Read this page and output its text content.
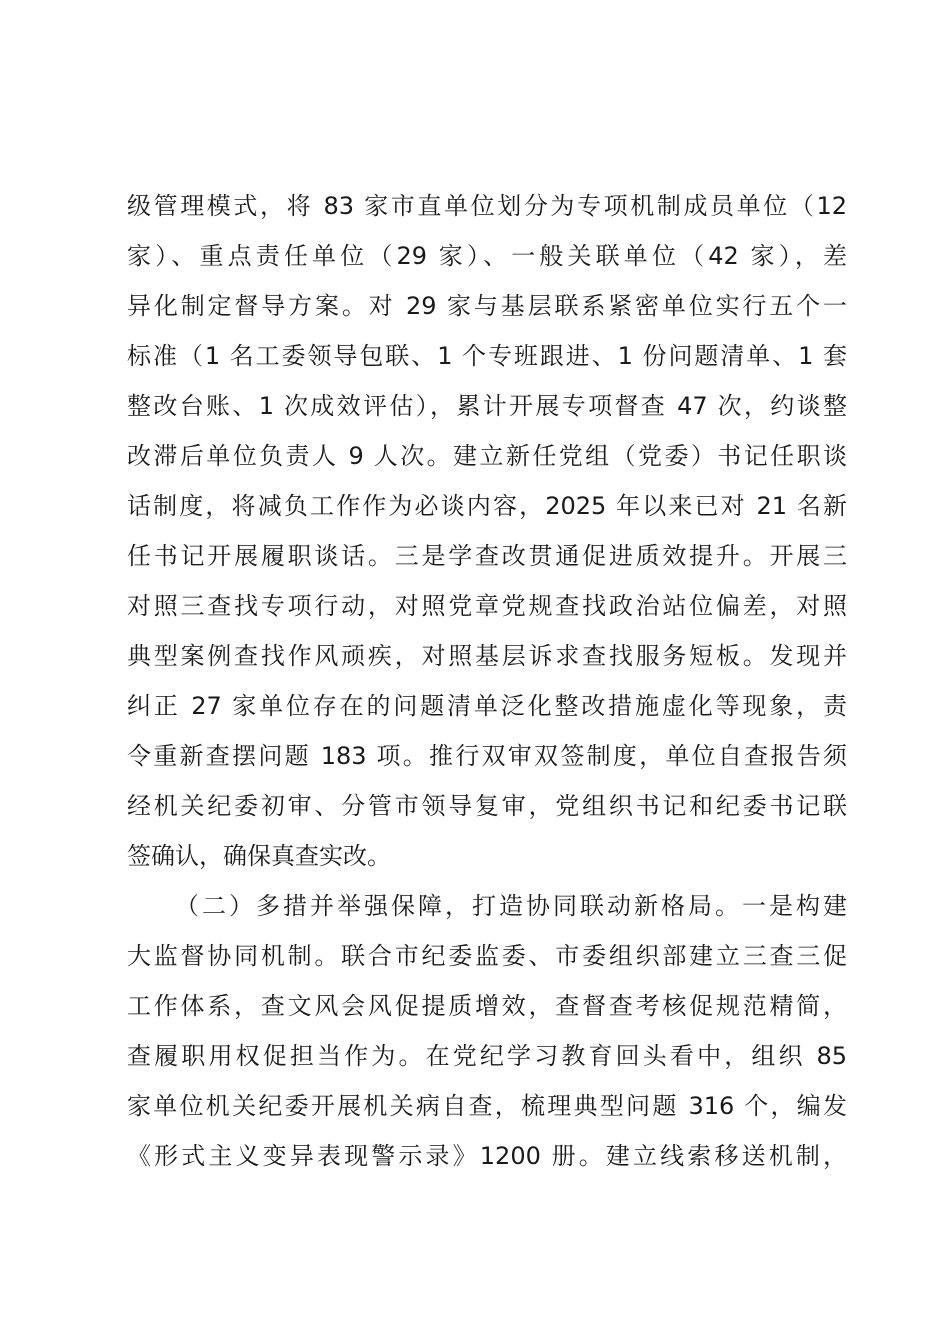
级管理模式，将 83 家市直单位划分为专项机制成员单位（12
家）、重点责任单位（29 家）、一般关联单位（42 家），差
异化制定督导方案。对 29 家与基层联系紧密单位实行五个一
标准（1 名工委领导包联、1 个专班跟进、1 份问题清单、1 套
整改台账、1 次成效评估），累计开展专项督查 47 次，约谈整
改滞后单位负责人 9 人次。建立新任党组（党委）书记任职谈
话制度，将减负工作作为必谈内容，2025 年以来已对 21 名新
任书记开展履职谈话。三是学查改贯通促进质效提升。开展三
对照三查找专项行动，对照党章党规查找政治站位偏差，对照
典型案例查找作风顽疾，对照基层诉求查找服务短板。发现并
纠正 27 家单位存在的问题清单泛化整改措施虚化等现象，责
令重新查摆问题 183 项。推行双审双签制度，单位自查报告须
经机关纪委初审、分管市领导复审，党组织书记和纪委书记联
签确认，确保真查实改。
（二）多措并举强保障，打造协同联动新格局。一是构建
大监督协同机制。联合市纪委监委、市委组织部建立三查三促
工作体系，查文风会风促提质增效，查督查考核促规范精简，
查履职用权促担当作为。在党纪学习教育回头看中，组织 85
家单位机关纪委开展机关病自查，梳理典型问题 316 个，编发
《形式主义变异表现警示录》1200 册。建立线索移送机制，
